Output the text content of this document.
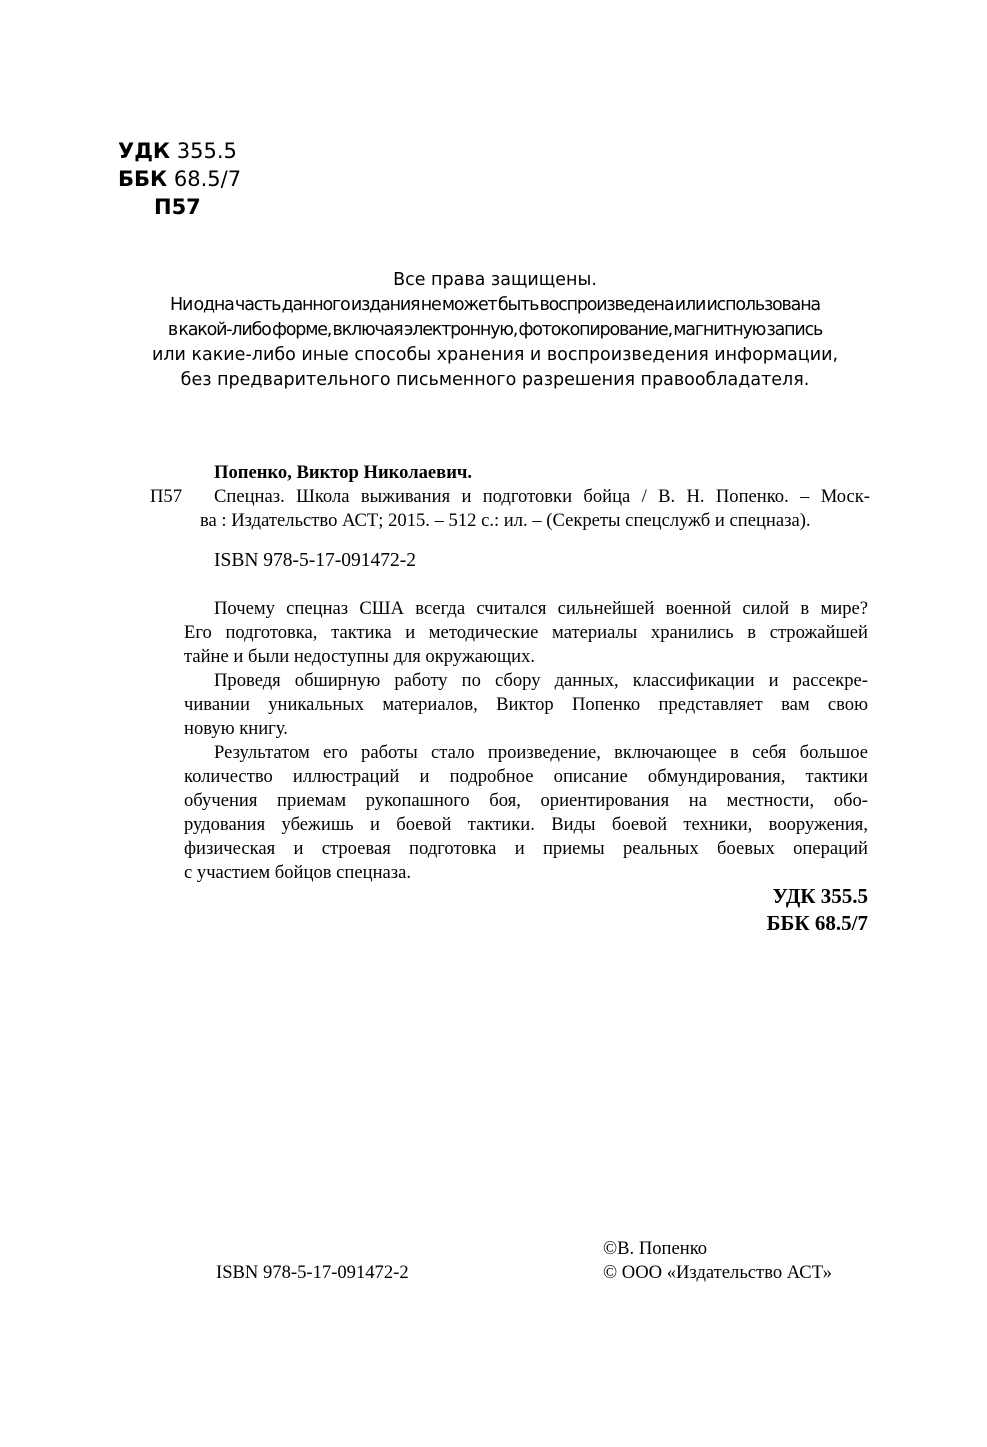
УДК 355.5
ББК 68.5/7
П57
Все права защищены.
Ни одна часть данного издания не может быть воспроизведена или использована
в какой-либо форме, включая электронную, фотокопирование, магнитную запись
или какие-либо иные способы хранения и воспроизведения информации,
без предварительного письменного разрешения правообладателя.
Попенко, Виктор Николаевич.
П57	Спецназ. Школа выживания и подготовки бойца / В. Н. Попенко. – Моск-
ва : Издательство АСТ; 2015. – 512 с.: ил. – (Секреты спецслужб и спецназа).
ISBN 978-5-17-091472-2
Почему спецназ США всегда считался сильнейшей военной силой в мире?
Его подготовка, тактика и методические материалы хранились в строжайшей
тайне и были недоступны для окружающих.
Проведя обширную работу по сбору данных, классификации и рассекре-
чивании уникальных материалов, Виктор Попенко представляет вам свою
новую книгу.
Результатом его работы стало произведение, включающее в себя большое
количество иллюстраций и подробное описание обмундирования, тактики
обучения приемам рукопашного боя, ориентирования на местности, обо-
рудования убежишь и боевой тактики. Виды боевой техники, вооружения,
физическая и строевая подготовка и приемы реальных боевых операций
с участием бойцов спецназа.
УДК 355.5
ББК 68.5/7
ISBN 978-5-17-091472-2
©В. Попенко
© ООО «Издательство АСТ»
